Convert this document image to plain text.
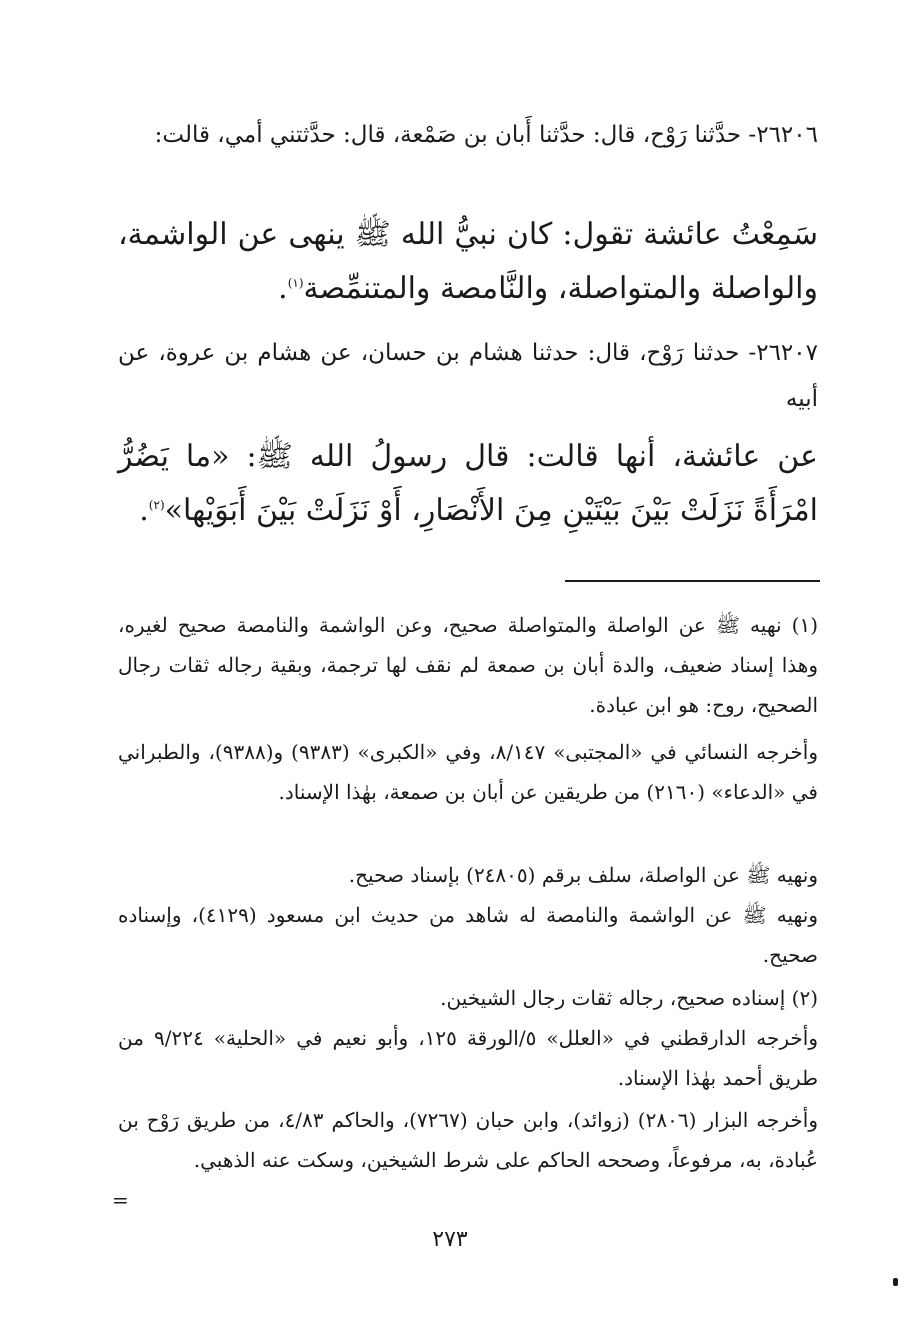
٢٦٢٠٦- حدَّثنا رَوْح، قال: حدَّثنا أَبان بن صَمْعة، قال: حدَّثتني أمي، قالت:

سَمِعْتُ عائشة تقول: كان نبيُّ الله ﷺ ينهى عن الواشمة، والواصلة والمتواصلة، والنَّامصة والمتنمِّصة$^{(١)}$.

٢٦٢٠٧- حدثنا رَوْح، قال: حدثنا هشام بن حسان، عن هشام بن عروة، عن أبيه

عن عائشة، أنها قالت: قال رسولُ الله ﷺ: «ما يَضُرُّ امْرَأَةً نَزَلَتْ بَيْنَ بَيْتَيْنِ مِنَ الأَنْصَارِ، أَوْ نَزَلَتْ بَيْنَ أَبَوَيْها»$^{(٢)}$.

(١) نهيه ﷺ عن الواصلة والمتواصلة صحيح، وعن الواشمة والنامصة صحيح لغيره، وهذا إسناد ضعيف، والدة أبان بن صمعة لم نقف لها ترجمة، وبقية رجاله ثقات رجال الصحيح، روح: هو ابن عبادة.

وأخرجه النسائي في «المجتبى» ٨/١٤٧، وفي «الكبرى» (٩٣٨٣) و(٩٣٨٨)، والطبراني في «الدعاء» (٢١٦٠) من طريقين عن أبان بن صمعة، بهٰذا الإسناد.

ونهيه ﷺ عن الواصلة، سلف برقم (٢٤٨٠٥) بإسناد صحيح.

ونهيه ﷺ عن الواشمة والنامصة له شاهد من حديث ابن مسعود (٤١٢٩)، وإسناده صحيح.

(٢) إسناده صحيح، رجاله ثقات رجال الشيخين.

وأخرجه الدارقطني في «العلل» ٥/الورقة ١٢٥، وأبو نعيم في «الحلية» ٩/٢٢٤ من طريق أحمد بهٰذا الإسناد.

وأخرجه البزار (٢٨٠٦) (زوائد)، وابن حبان (٧٢٦٧)، والحاكم ٤/٨٣، من طريق رَوْح بن عُبادة، به، مرفوعاً، وصححه الحاكم على شرط الشيخين، وسكت عنه الذهبي.

=
٢٧٣
